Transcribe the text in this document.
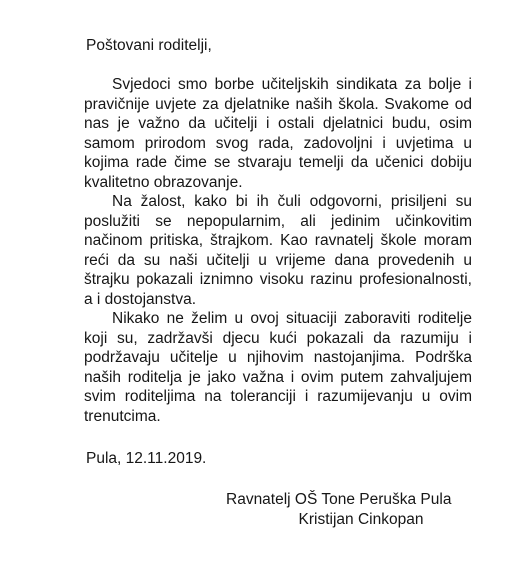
Poštovani roditelji,

Svjedoci smo borbe učiteljskih sindikata za bolje i pravičnije uvjete za djelatnike naših škola. Svakome od nas je važno da učitelji i ostali djelatnici budu, osim samom prirodom svog rada, zadovoljni i uvjetima u kojima rade čime se stvaraju temelji da učenici dobiju kvalitetno obrazovanje.

Na žalost, kako bi ih čuli odgovorni, prisiljeni su poslužiti se nepopularnim, ali jedinim učinkovitim načinom pritiska, štrajkom. Kao ravnatelj škole moram reći da su naši učitelji u vrijeme dana provedenih u štrajku pokazali iznimno visoku razinu profesionalnosti, a i dostojanstva.

Nikako ne želim u ovoj situaciji zaboraviti roditelje koji su, zadržavši djecu kući pokazali da razumiju i podržavaju učitelje u njihovim nastojanjima. Podrška naših roditelja je jako važna i ovim putem zahvaljujem svim roditeljima na toleranciji i razumijevanju u ovim trenutcima.

Pula, 12.11.2019.
Ravnatelj OŠ Tone Peruška Pula
Kristijan Cinkopan
